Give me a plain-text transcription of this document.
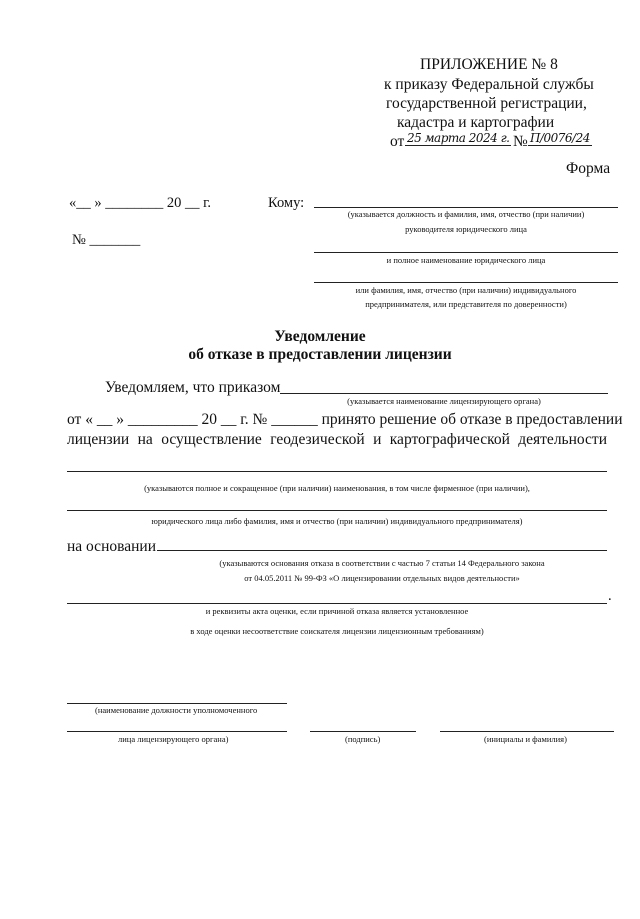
ПРИЛОЖЕНИЕ № 8
к приказу Федеральной службы
государственной регистрации,
кадастра и картографии
от 25 марта 2024 г. № П/0076/24
Форма
«__ » ________ 20 __ г.
№ _______
Кому:
(указывается должность и фамилия, имя, отчество (при наличии)
руководителя юридического лица
и полное наименование юридического лица
или фамилия, имя, отчество (при наличии) индивидуального
предпринимателя, или представителя по доверенности)
Уведомление
об отказе в предоставлении лицензии
Уведомляем, что приказом
(указывается наименование лицензирующего органа)
от « __ » _________ 20 __ г. № ______ принято решение об отказе в предоставлении
лицензии на осуществление геодезической и картографической деятельности
(указываются полное и сокращенное (при наличии) наименования, в том числе фирменное (при наличии),
юридического лица либо фамилия, имя и отчество (при наличии) индивидуального предпринимателя)
на основании
(указываются основания отказа в соответствии с частью 7 статьи 14 Федерального закона
от 04.05.2011 № 99-ФЗ «О лицензировании отдельных видов деятельности»
.
и реквизиты акта оценки, если причиной отказа является установленное
в ходе оценки несоответствие соискателя лицензии лицензионным требованиям)
(наименование должности уполномоченного
лица лицензирующего органа)	(подпись)	(инициалы и фамилия)
